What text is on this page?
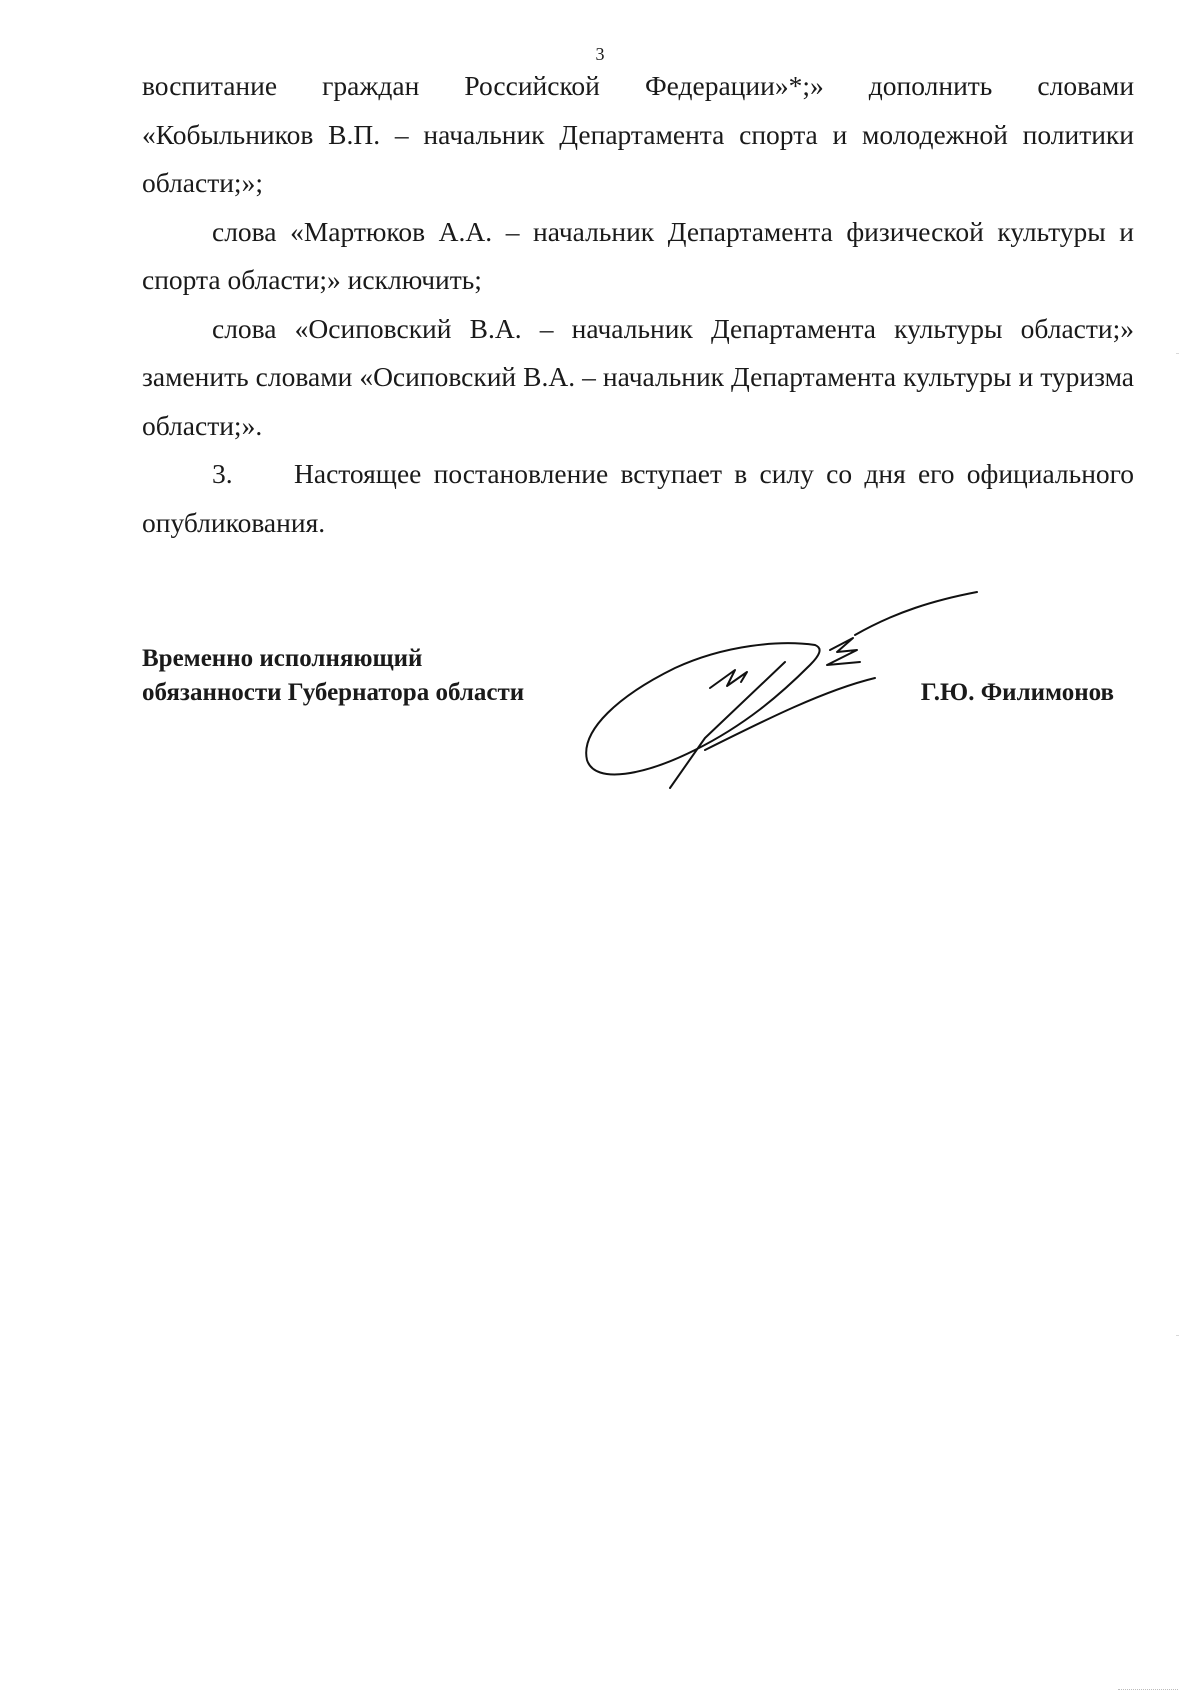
3

воспитание граждан Российской Федерации»*;» дополнить словами
«Кобыльников В.П. – начальник Департамента спорта и молодежной политики области;»;

слова «Мартюков А.А. – начальник Департамента физической культуры и спорта области;» исключить;

слова «Осиповский В.А. – начальник Департамента культуры области;» заменить словами «Осиповский В.А. – начальник Департамента культуры и туризма области;».

3. Настоящее постановление вступает в силу со дня его официального опубликования.

Временно исполняющий
обязанности Губернатора области	Г.Ю. Филимонов
